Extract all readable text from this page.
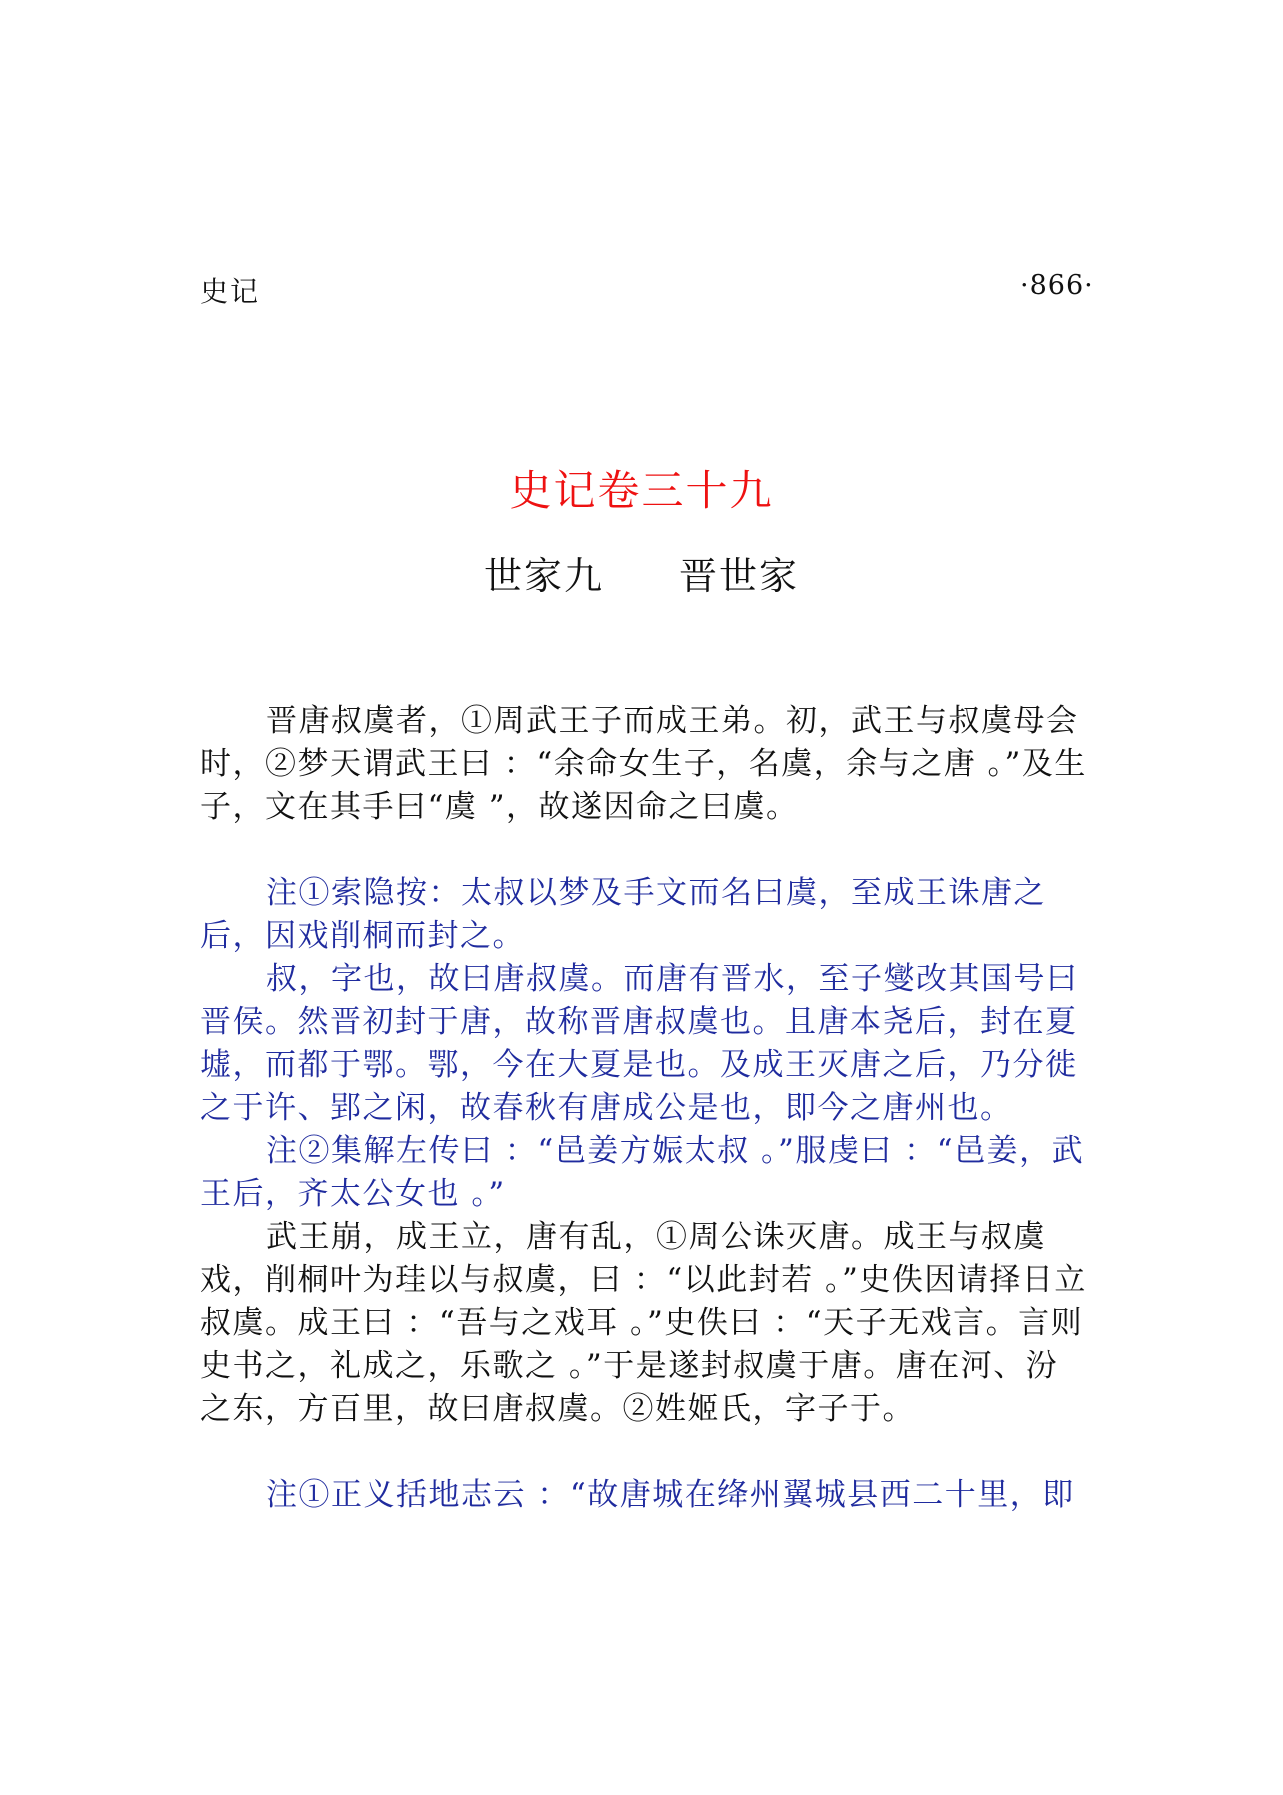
史记	·866·
史记卷三十九
世家九 晋世家

晋唐叔虞者，①周武王子而成王弟。初，武王与叔虞母会时，②梦天谓武王曰 ：“余命女生子，名虞，余与之唐 。”及生子，文在其手曰“虞 ”，故遂因命之曰虞。

注①索隐按：太叔以梦及手文而名曰虞，至成王诛唐之后，因戏削桐而封之。

叔，字也，故曰唐叔虞。而唐有晋水，至子燮改其国号曰晋侯。然晋初封于唐，故称晋唐叔虞也。且唐本尧后，封在夏墟，而都于鄂。鄂，今在大夏是也。及成王灭唐之后，乃分徙之于许、郢之闲，故春秋有唐成公是也，即今之唐州也。

注②集解左传曰 ：“邑姜方娠太叔 。”服虔曰 ：“邑姜，武王后，齐太公女也 。”

武王崩，成王立，唐有乱，①周公诛灭唐。成王与叔虞戏，削桐叶为珪以与叔虞，曰 ：“以此封若 。”史佚因请择日立叔虞。成王曰 ：“吾与之戏耳 。”史佚曰 ：“天子无戏言。言则史书之，礼成之，乐歌之 。”于是遂封叔虞于唐。唐在河、汾之东，方百里，故曰唐叔虞。②姓姬氏，字子于。

注①正义括地志云 ：“故唐城在绛州翼城县西二十里，即
